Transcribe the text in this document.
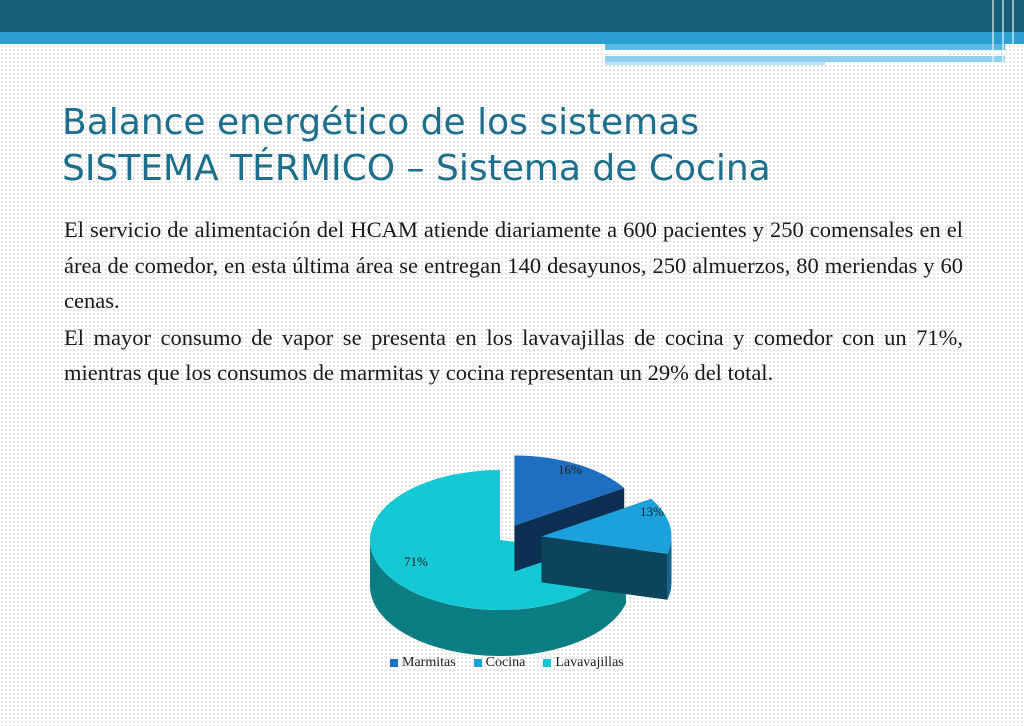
Balance energético de los sistemas
SISTEMA TÉRMICO – Sistema de Cocina

El servicio de alimentación del HCAM atiende diariamente a 600 pacientes y 250 comensales en el área de comedor, en esta última área se entregan 140 desayunos, 250 almuerzos, 80 meriendas y 60 cenas.

El mayor consumo de vapor se presenta en los lavavajillas de cocina y comedor con un 71%, mientras que los consumos de marmitas y cocina representan un 29% del total.

16%
13%
71%
Marmitas Cocina Lavavajillas
